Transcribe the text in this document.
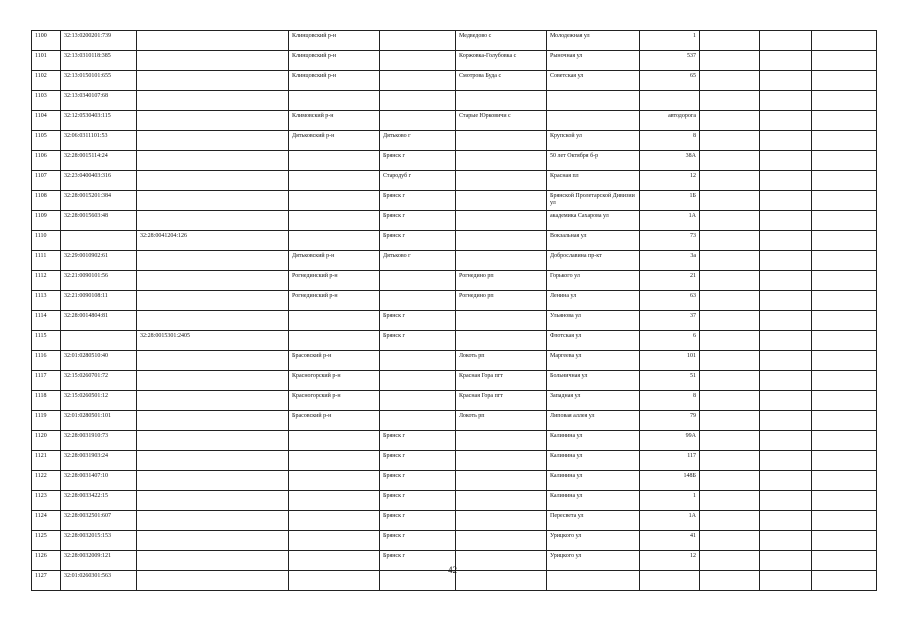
1100	32:13:0200201:739		Клинцовский р-н		Медведово с	Молодежная ул	1			
1101	32:13:0310118:385		Клинцовский р-н		Коржовка-Голубовка с	Рыночная ул	537			
1102	32:13:0150101:655		Клинцовский р-н		Смотрова Буда с	Советская ул	65			
1103	32:13:0340107:68									
1104	32:12:0530403:115		Климовский р-н		Старые Юрковичи с		автодорога			
1105	32:06:0311101:53		Дятьковский р-н	Дятьково г		Крупской ул	8			
1106	32:28:0015114:24			Брянск г		50 лет Октября б-р	38А			
1107	32:23:0400403:316			Стародуб г		Красная пл	12			
1108	32:28:0015201:384			Брянск г		Брянской Пролетарской Дивизии ул	1Б			
1109	32:28:0015603:48			Брянск г		академика Сахарова ул	1А			
1110		32:28:0041204:126		Брянск г		Вокзальная ул	73			
1111	32:29:0010902:61		Дятьковский р-н	Дятьково г		Доброславина пр-кт	3а			
1112	32:21:0090101:56		Рогнединский р-н		Рогнедино рп	Горького ул	21			
1113	32:21:0090108:11		Рогнединский р-н		Рогнедино рп	Ленина ул	63			
1114	32:28:0014804:81			Брянск г		Ульянова ул	37			
1115		32:28:0015301:2405		Брянск г		Флотская ул	6			
1116	32:01:0280510:40		Брасовский р-н		Локоть рп	Маргеева ул	101			
1117	32:15:0260701:72		Красногорский р-н		Красная Гора пгт	Больничная ул	51			
1118	32:15:0260501:12		Красногорский р-н		Красная Гора пгт	Западная ул	8			
1119	32:01:0280501:101		Брасовский р-н		Локоть рп	Липовая аллея ул	79			
1120	32:28:0031910:73			Брянск г		Калинина ул	99А			
1121	32:28:0031903:24			Брянск г		Калинина ул	117			
1122	32:28:0031407:10			Брянск г		Калинина ул	148Б			
1123	32:28:0033422:15			Брянск г		Калинина ул	1			
1124	32:28:0032501:607			Брянск г		Пересвета ул	1А			
1125	32:28:0032015:153			Брянск г		Урицкого ул	41			
1126	32:28:0032009:121			Брянск г		Урицкого ул	12			
1127	32:01:0260301:563									
42
